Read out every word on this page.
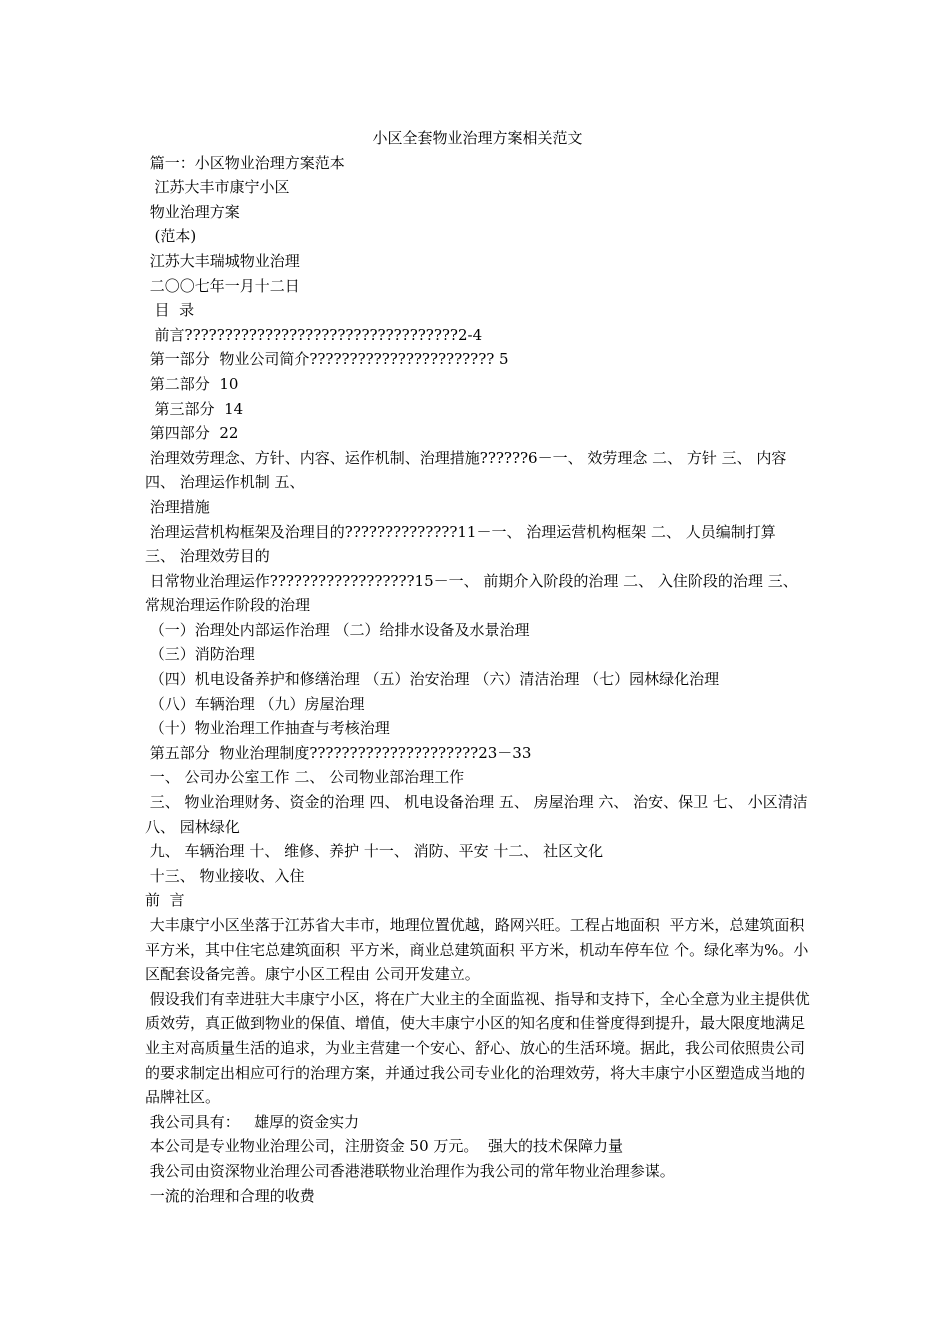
小区全套物业治理方案相关范文

篇一：小区物业治理方案范本

江苏大丰市康宁小区

物业治理方案

(范本)

江苏大丰瑞城物业治理

二〇〇七年一月十二日

目  录

前言??????????????????????????????????2-4

第一部分  物业公司简介??????????????????????? 5

第二部分  10

第三部分  14

第四部分  22

治理效劳理念、方针、内容、运作机制、治理措施??????6－一、 效劳理念 二、 方针 三、 内容 四、 治理运作机制 五、

治理措施

治理运营机构框架及治理目的??????????????11－一、 治理运营机构框架 二、 人员编制打算 三、 治理效劳目的

日常物业治理运作??????????????????15－一、 前期介入阶段的治理 二、 入住阶段的治理 三、 常规治理运作阶段的治理

（一）治理处内部运作治理 （二）给排水设备及水景治理

（三）消防治理

（四）机电设备养护和修缮治理 （五）治安治理 （六）清洁治理 （七）园林绿化治理

（八）车辆治理 （九）房屋治理

（十）物业治理工作抽查与考核治理

第五部分  物业治理制度?????????????????????23－33

一、 公司办公室工作 二、 公司物业部治理工作

三、 物业治理财务、资金的治理 四、 机电设备治理 五、 房屋治理 六、 治安、保卫 七、 小区清洁 八、 园林绿化

九、 车辆治理 十、 维修、养护 十一、 消防、平安 十二、 社区文化

十三、 物业接收、入住

前  言

大丰康宁小区坐落于江苏省大丰市，地理位置优越，路网兴旺。工程占地面积  平方米，总建筑面积平方米，其中住宅总建筑面积  平方米，商业总建筑面积 平方米，机动车停车位 个。绿化率为%。小区配套设备完善。康宁小区工程由 公司开发建立。

假设我们有幸进驻大丰康宁小区，将在广大业主的全面监视、指导和支持下，全心全意为业主提供优质效劳，真正做到物业的保值、增值，使大丰康宁小区的知名度和佳誉度得到提升，最大限度地满足业主对高质量生活的追求，为业主营建一个安心、舒心、放心的生活环境。据此，我公司依照贵公司的要求制定出相应可行的治理方案，并通过我公司专业化的治理效劳，将大丰康宁小区塑造成当地的品牌社区。

我公司具有：   雄厚的资金实力

本公司是专业物业治理公司，注册资金 50 万元。  强大的技术保障力量

我公司由资深物业治理公司香港港联物业治理作为我公司的常年物业治理参谋。

一流的治理和合理的收费
